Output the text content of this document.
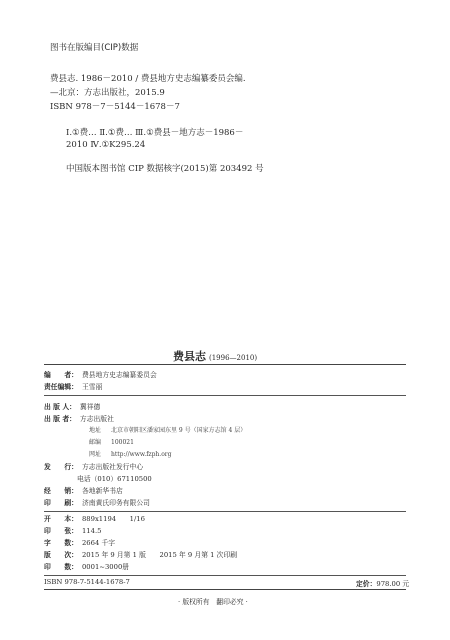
图书在版编目(CIP)数据
费县志. 1986－2010 / 费县地方史志编纂委员会编.
—北京：方志出版社，2015.9
ISBN 978－7－5144－1678－7
Ⅰ.①费… Ⅱ.①费… Ⅲ.①费县－地方志－1986－
2010 Ⅳ.①K295.24
中国版本图书馆 CIP 数据核字(2015)第 203492 号
费县志 (1996—2010)
编　　者： 费县地方史志编纂委员会
责任编辑： 王雪丽
出 版 人： 冀祥德
出 版 者： 方志出版社
地址 北京市朝阳区潘家园东里 9 号（国家方志馆 4 层）
邮编 100021
网址 http://www.fzph.org
发　　行： 方志出版社发行中心
电话（010）67110500
经　　销： 各地新华书店
印　　刷： 济南黄氏印务有限公司
开　　本： 889x1194　　1/16
印　　张： 114.5
字　　数： 2664 千字
版　　次： 2015 年 9 月第 1 版　　2015 年 9 月第 1 次印刷
印　　数： 0001~3000册
ISBN 978-7-5144-1678-7	定价：978.00 元
· 版权所有　翻印必究 ·
